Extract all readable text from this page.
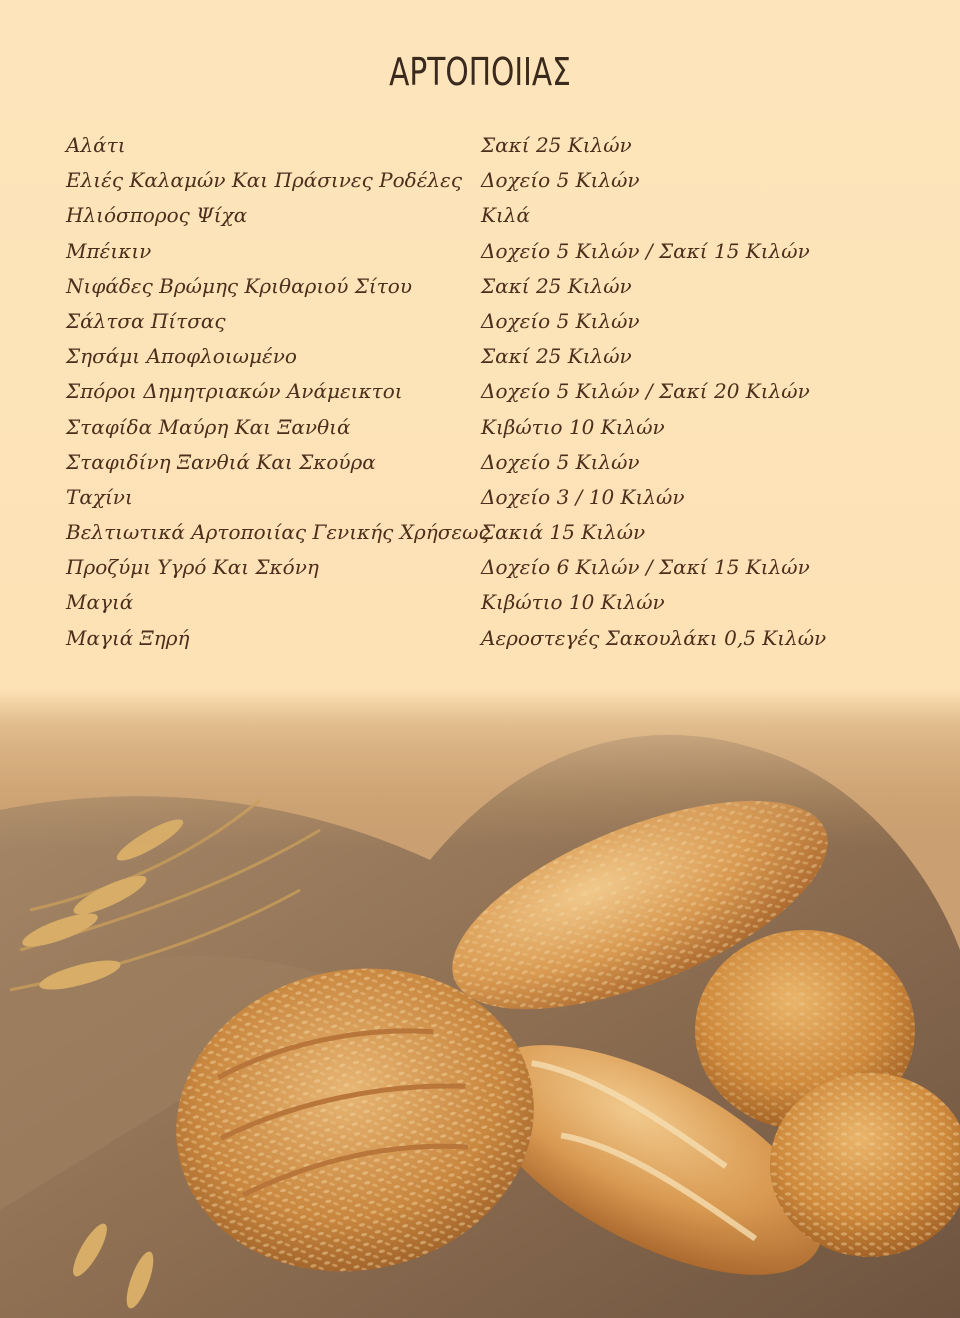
ΑΡΤΟΠΟΙΙΑΣ
Αλάτι
Ελιές Καλαμών Και Πράσινες Ροδέλες
Ηλιόσπορος Ψίχα
Μπέικιν
Νιφάδες Βρώμης Κριθαριού Σίτου
Σάλτσα Πίτσας
Σησάμι Αποφλοιωμένο
Σπόροι Δημητριακών Ανάμεικτοι
Σταφίδα Μαύρη Και Ξανθιά
Σταφιδίνη Ξανθιά Και Σκούρα
Ταχίνι
Βελτιωτικά Αρτοποιίας Γενικής Χρήσεως
Προζύμι Υγρό Και Σκόνη
Μαγιά
Μαγιά Ξηρή
Σακί 25 Κιλών
Δοχείο 5 Κιλών
Κιλά
Δοχείο 5 Κιλών / Σακί 15 Κιλών
Σακί 25 Κιλών
Δοχείο 5 Κιλών
Σακί 25 Κιλών
Δοχείο 5 Κιλών / Σακί 20 Κιλών
Κιβώτιο 10 Κιλών
Δοχείο 5 Κιλών
Δοχείο 3 / 10 Κιλών
Σακιά 15 Κιλών
Δοχείο 6 Κιλών / Σακί 15 Κιλών
Κιβώτιο 10 Κιλών
Αεροστεγές Σακουλάκι 0,5 Κιλών
